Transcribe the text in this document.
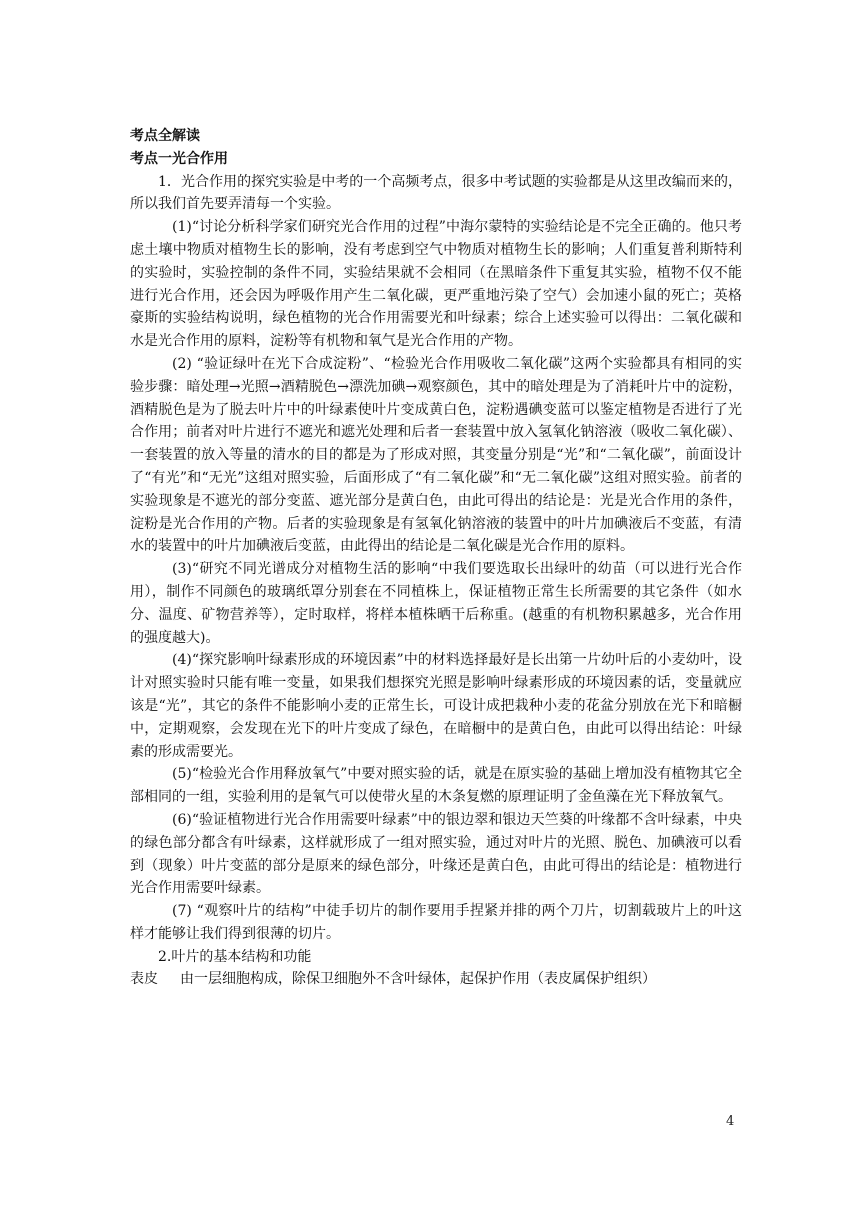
考点全解读
考点一光合作用

1．光合作用的探究实验是中考的一个高频考点，很多中考试题的实验都是从这里改编而来的，所以我们首先要弄清每一个实验。

(1)“讨论分析科学家们研究光合作用的过程”中海尔蒙特的实验结论是不完全正确的。他只考虑土壤中物质对植物生长的影响，没有考虑到空气中物质对植物生长的影响；人们重复普利斯特利的实验时，实验控制的条件不同，实验结果就不会相同（在黑暗条件下重复其实验，植物不仅不能进行光合作用，还会因为呼吸作用产生二氧化碳，更严重地污染了空气）会加速小鼠的死亡；英格豪斯的实验结构说明，绿色植物的光合作用需要光和叶绿素；综合上述实验可以得出：二氧化碳和水是光合作用的原料，淀粉等有机物和氧气是光合作用的产物。

(2) “验证绿叶在光下合成淀粉”、“检验光合作用吸收二氧化碳”这两个实验都具有相同的实验步骤：暗处理→光照→酒精脱色→漂洗加碘→观察颜色，其中的暗处理是为了消耗叶片中的淀粉，酒精脱色是为了脱去叶片中的叶绿素使叶片变成黄白色，淀粉遇碘变蓝可以鉴定植物是否进行了光合作用；前者对叶片进行不遮光和遮光处理和后者一套装置中放入氢氧化钠溶液（吸收二氧化碳）、一套装置的放入等量的清水的目的都是为了形成对照，其变量分别是“光”和“二氧化碳”，前面设计了“有光”和“无光”这组对照实验，后面形成了“有二氧化碳”和“无二氧化碳”这组对照实验。前者的实验现象是不遮光的部分变蓝、遮光部分是黄白色，由此可得出的结论是：光是光合作用的条件，淀粉是光合作用的产物。后者的实验现象是有氢氧化钠溶液的装置中的叶片加碘液后不变蓝，有清水的装置中的叶片加碘液后变蓝，由此得出的结论是二氧化碳是光合作用的原料。

(3)“研究不同光谱成分对植物生活的影响“中我们要选取长出绿叶的幼苗（可以进行光合作用），制作不同颜色的玻璃纸罩分别套在不同植株上，保证植物正常生长所需要的其它条件（如水分、温度、矿物营养等），定时取样，将样本植株晒干后称重。(越重的有机物积累越多，光合作用的强度越大)。

(4)“探究影响叶绿素形成的环境因素”中的材料选择最好是长出第一片幼叶后的小麦幼叶，设计对照实验时只能有唯一变量，如果我们想探究光照是影响叶绿素形成的环境因素的话，变量就应该是“光”，其它的条件不能影响小麦的正常生长，可设计成把栽种小麦的花盆分别放在光下和暗橱中，定期观察，会发现在光下的叶片变成了绿色，在暗橱中的是黄白色，由此可以得出结论：叶绿素的形成需要光。

(5)“检验光合作用释放氧气”中要对照实验的话，就是在原实验的基础上增加没有植物其它全部相同的一组，实验利用的是氧气可以使带火星的木条复燃的原理证明了金鱼藻在光下释放氧气。

(6)“验证植物进行光合作用需要叶绿素”中的银边翠和银边天竺葵的叶缘都不含叶绿素，中央的绿色部分都含有叶绿素，这样就形成了一组对照实验，通过对叶片的光照、脱色、加碘液可以看到（现象）叶片变蓝的部分是原来的绿色部分，叶缘还是黄白色，由此可得出的结论是：植物进行光合作用需要叶绿素。

(7) “观察叶片的结构”中徒手切片的制作要用手捏紧并排的两个刀片，切割载玻片上的叶这样才能够让我们得到很薄的切片。

2.叶片的基本结构和功能

表皮	由一层细胞构成，除保卫细胞外不含叶绿体，起保护作用（表皮属保护组织）
4
